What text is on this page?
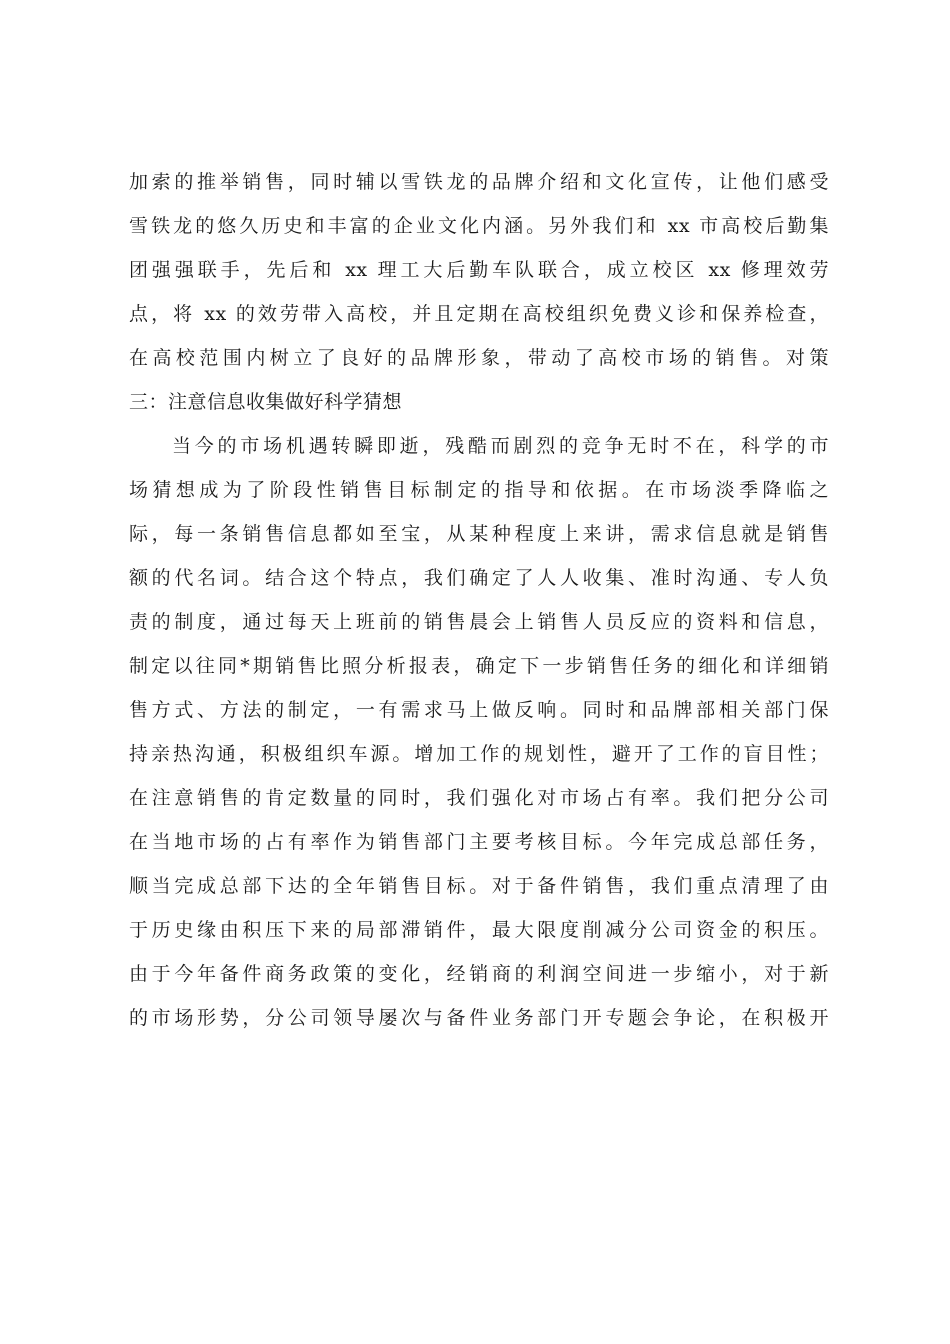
加索的推举销售，同时辅以雪铁龙的品牌介绍和文化宣传，让他们感受
雪铁龙的悠久历史和丰富的企业文化内涵。另外我们和 xx 市高校后勤集
团强强联手，先后和 xx 理工大后勤车队联合，成立校区 xx 修理效劳
点，将 xx 的效劳带入高校，并且定期在高校组织免费义诊和保养检查，
在高校范围内树立了良好的品牌形象，带动了高校市场的销售。对策
三：注意信息收集做好科学猜想
当今的市场机遇转瞬即逝，残酷而剧烈的竞争无时不在，科学的市
场猜想成为了阶段性销售目标制定的指导和依据。在市场淡季降临之
际，每一条销售信息都如至宝，从某种程度上来讲，需求信息就是销售
额的代名词。结合这个特点，我们确定了人人收集、准时沟通、专人负
责的制度，通过每天上班前的销售晨会上销售人员反应的资料和信息，
制定以往同*期销售比照分析报表，确定下一步销售任务的细化和详细销
售方式、方法的制定，一有需求马上做反响。同时和品牌部相关部门保
持亲热沟通，积极组织车源。增加工作的规划性，避开了工作的盲目性；
在注意销售的肯定数量的同时，我们强化对市场占有率。我们把分公司
在当地市场的占有率作为销售部门主要考核目标。今年完成总部任务，
顺当完成总部下达的全年销售目标。对于备件销售，我们重点清理了由
于历史缘由积压下来的局部滞销件，最大限度削减分公司资金的积压。
由于今年备件商务政策的变化，经销商的利润空间进一步缩小，对于新
的市场形势，分公司领导屡次与备件业务部门开专题会争论，在积极开
